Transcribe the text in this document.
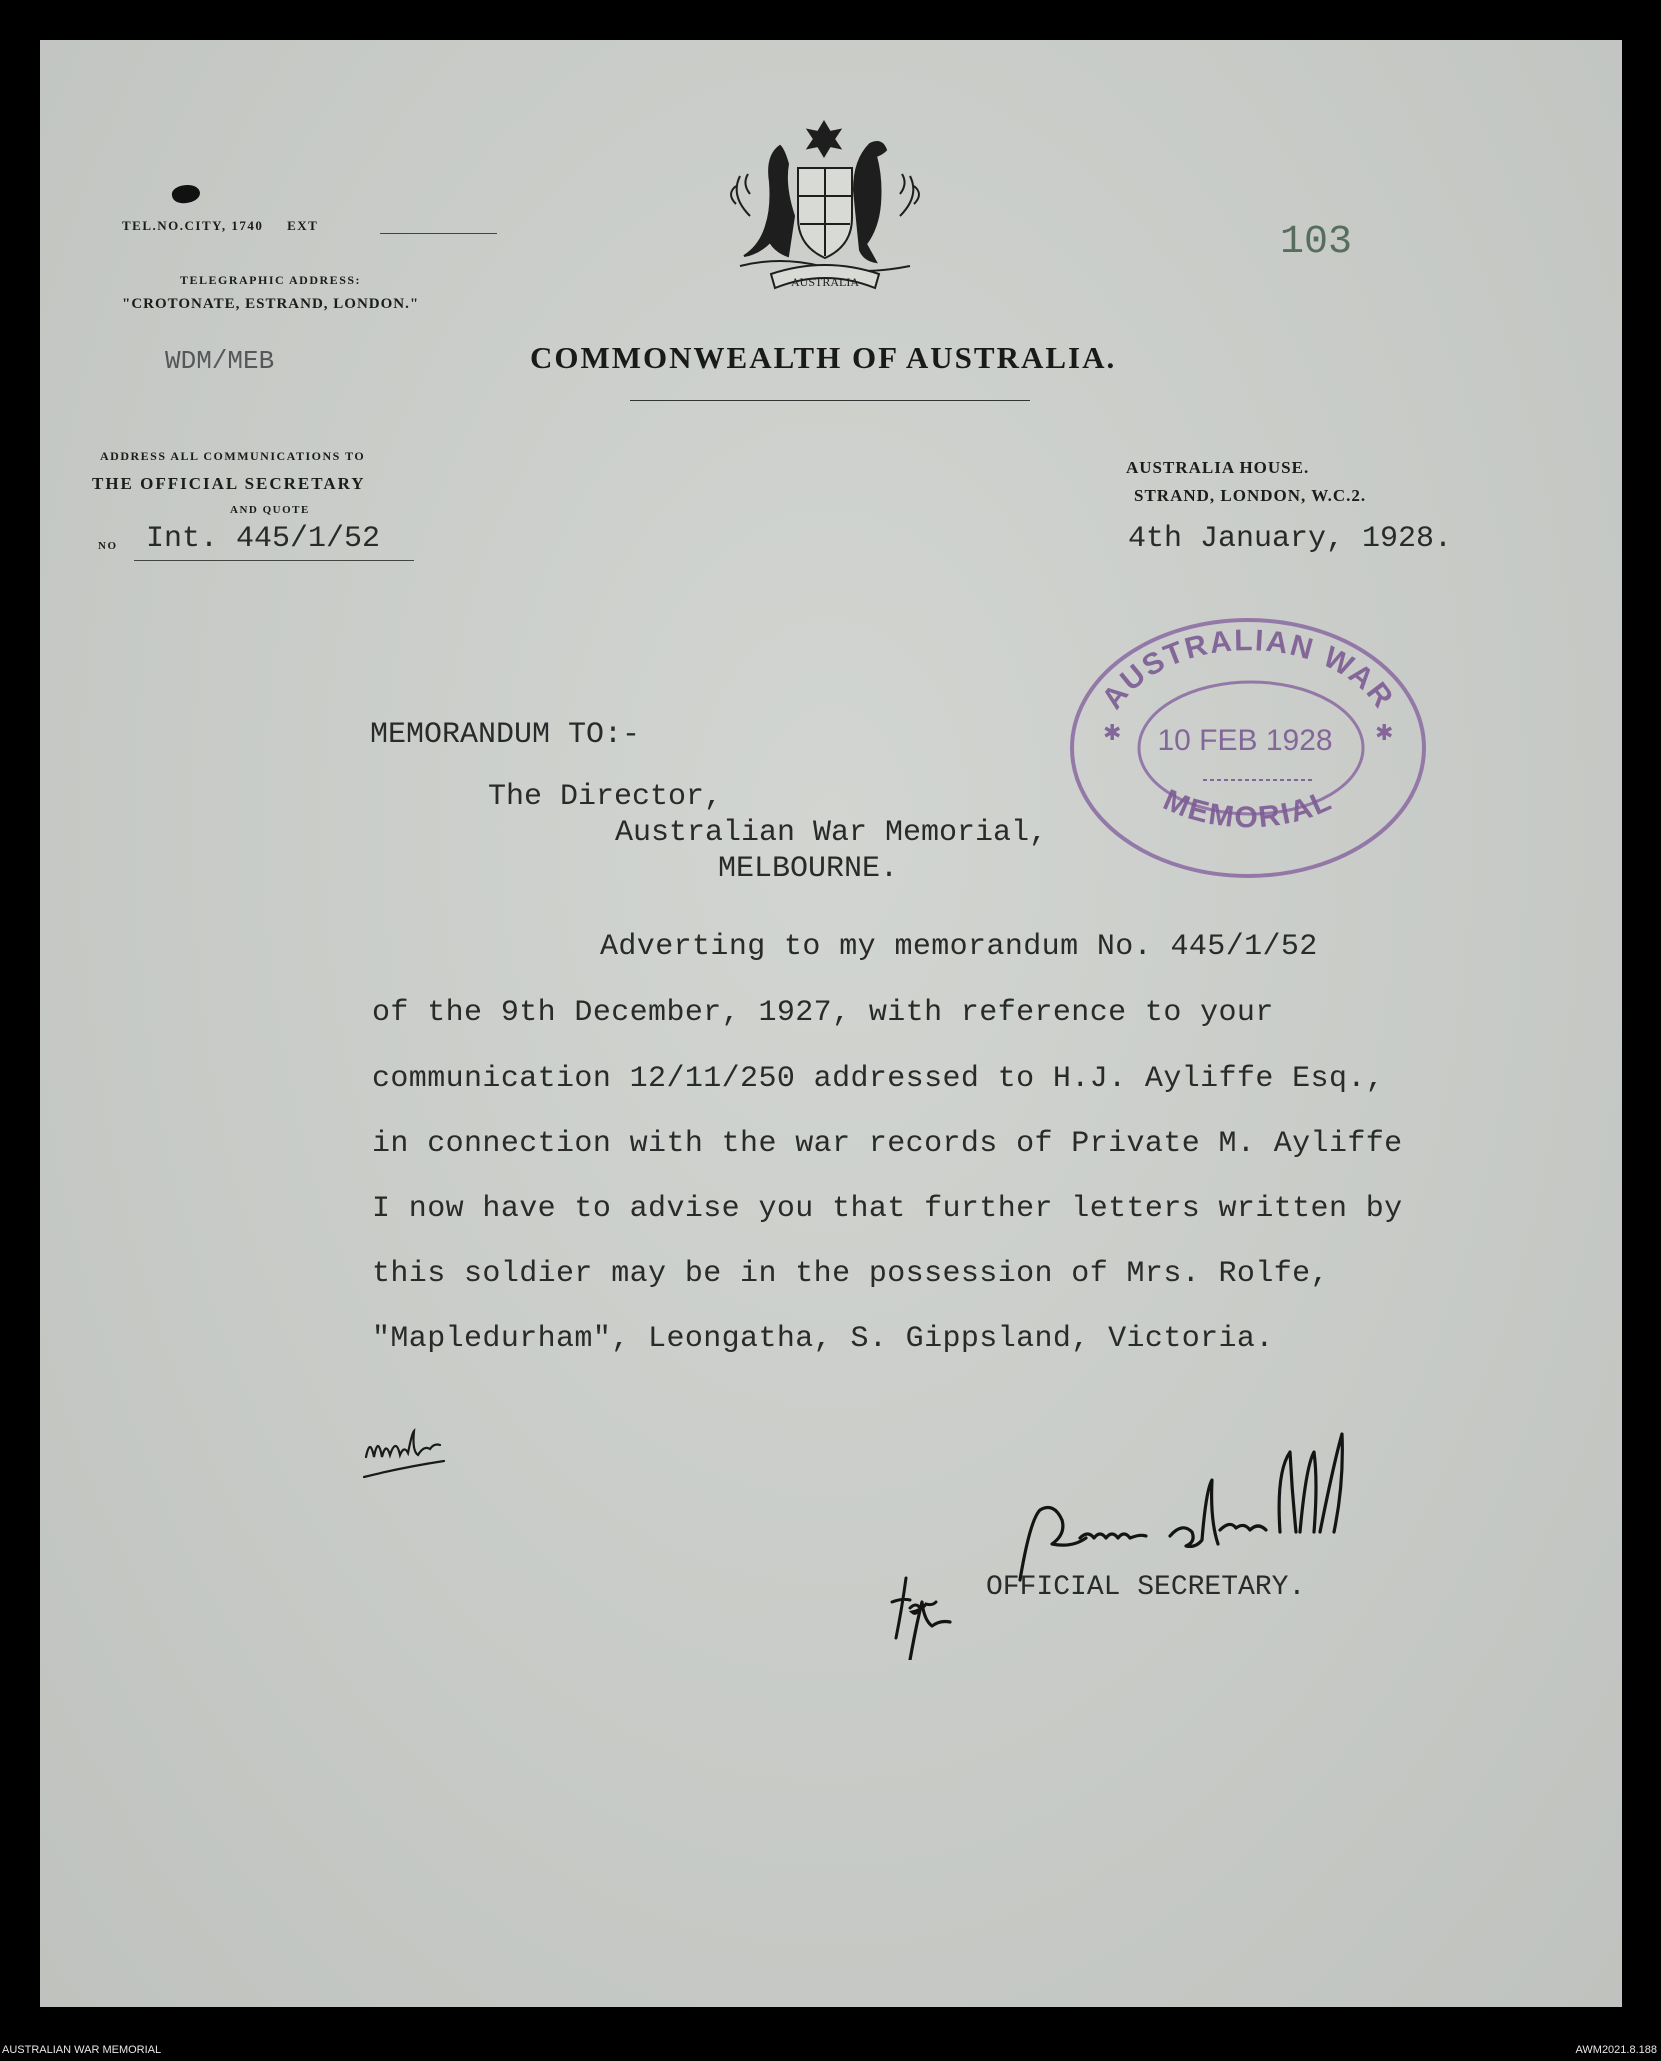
AUSTRALIA
TEL.NO.CITY, 1740 EXT
TELEGRAPHIC ADDRESS:
"CROTONATE, ESTRAND, LONDON."
WDM/MEB
103
COMMONWEALTH OF AUSTRALIA.
ADDRESS ALL COMMUNICATIONS TO
THE OFFICIAL SECRETARY
AND QUOTE
NO Int. 445/1/52
AUSTRALIA HOUSE.
STRAND, LONDON, W.C.2.
4th January, 1928.
AUSTRALIAN WAR
10 FEB 1928
MEMORIAL
✱	✱
MEMORANDUM TO:-
The Director,
Australian War Memorial,
MELBOURNE.
Adverting to my memorandum No. 445/1/52
of the 9th December, 1927, with reference to your
communication 12/11/250 addressed to H.J. Ayliffe Esq.,
in connection with the war records of Private M. Ayliffe
I now have to advise you that further letters written by
this soldier may be in the possession of Mrs. Rolfe,
"Mapledurham", Leongatha, S. Gippsland, Victoria.
OFFICIAL SECRETARY.
for
AUSTRALIAN WAR MEMORIAL	AWM2021.8.188
